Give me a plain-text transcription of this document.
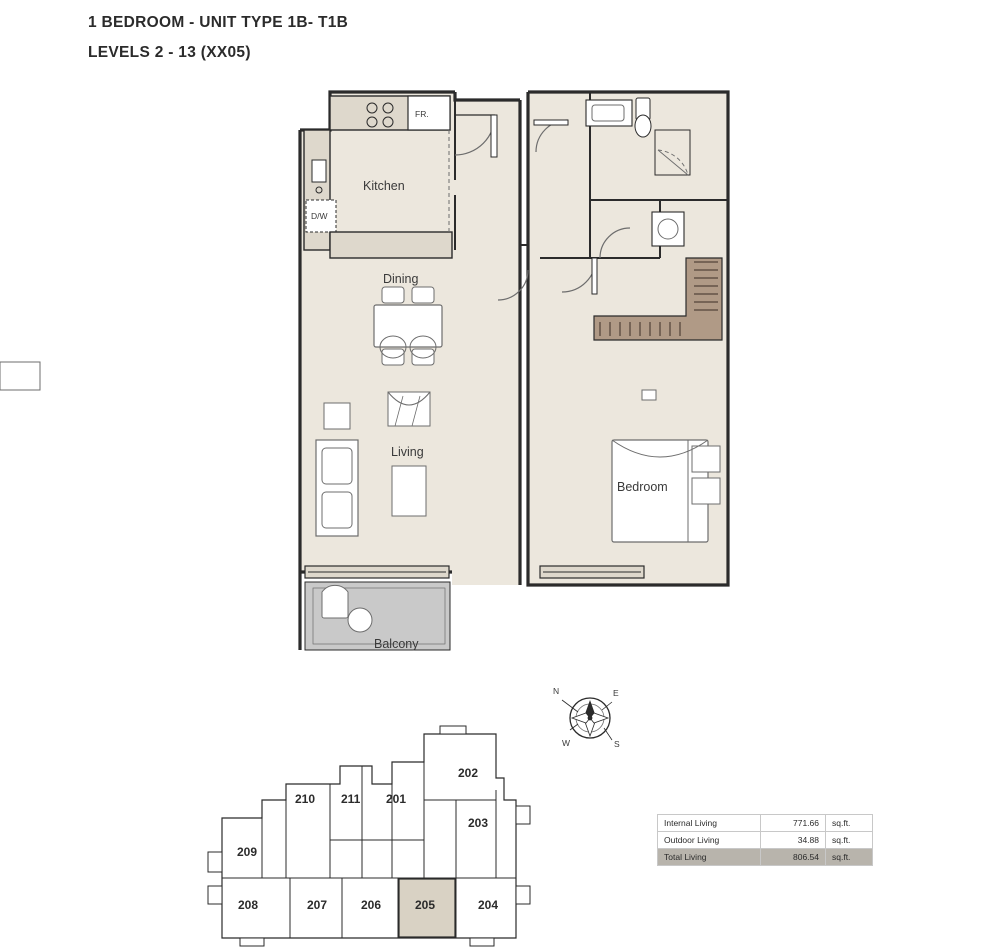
1 BEDROOM - UNIT TYPE 1B- T1B
LEVELS 2 - 13 (XX05)
Kitchen
Dining
Living
Bedroom
Balcony
FR.
D/W
N	E
S
W
202
203
204
205
206
207
208
209
210 211 201
Internal Living	771.66	sq.ft.
Outdoor Living	34.88	sq.ft.
Total Living	806.54	sq.ft.
